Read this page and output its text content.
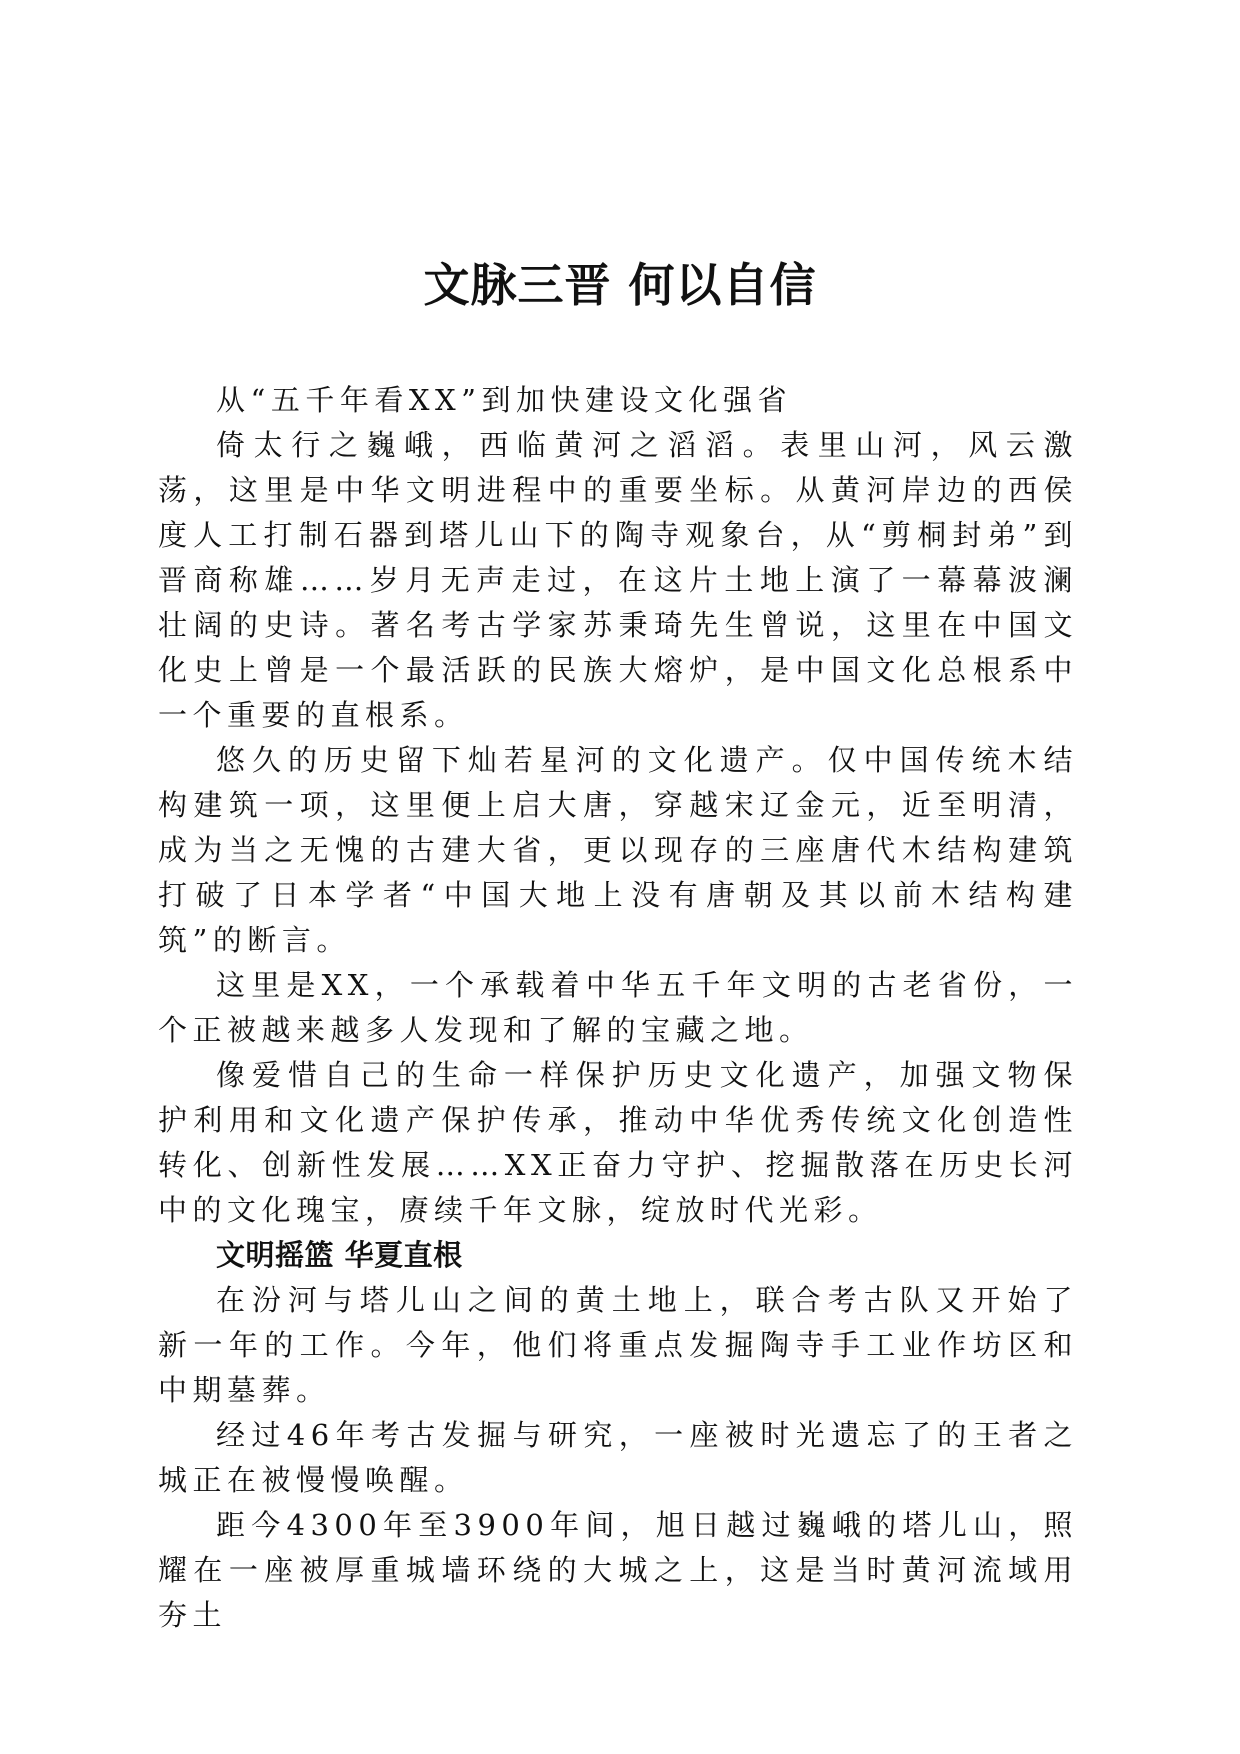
文脉三晋 何以自信

从“五千年看XX”到加快建设文化强省

倚太行之巍峨，西临黄河之滔滔。表里山河，风云激荡，这里是中华文明进程中的重要坐标。从黄河岸边的西侯度人工打制石器到塔儿山下的陶寺观象台，从“剪桐封弟”到晋商称雄……岁月无声走过，在这片土地上演了一幕幕波澜壮阔的史诗。著名考古学家苏秉琦先生曾说，这里在中国文化史上曾是一个最活跃的民族大熔炉，是中国文化总根系中一个重要的直根系。

悠久的历史留下灿若星河的文化遗产。仅中国传统木结构建筑一项，这里便上启大唐，穿越宋辽金元，近至明清，成为当之无愧的古建大省，更以现存的三座唐代木结构建筑打破了日本学者“中国大地上没有唐朝及其以前木结构建筑”的断言。

这里是XX，一个承载着中华五千年文明的古老省份，一个正被越来越多人发现和了解的宝藏之地。

像爱惜自己的生命一样保护历史文化遗产，加强文物保护利用和文化遗产保护传承，推动中华优秀传统文化创造性转化、创新性发展……XX正奋力守护、挖掘散落在历史长河中的文化瑰宝，赓续千年文脉，绽放时代光彩。

文明摇篮 华夏直根

在汾河与塔儿山之间的黄土地上，联合考古队又开始了新一年的工作。今年，他们将重点发掘陶寺手工业作坊区和中期墓葬。

经过46年考古发掘与研究，一座被时光遗忘了的王者之城正在被慢慢唤醒。

距今4300年至3900年间，旭日越过巍峨的塔儿山，照耀在一座被厚重城墙环绕的大城之上，这是当时黄河流域用夯土
